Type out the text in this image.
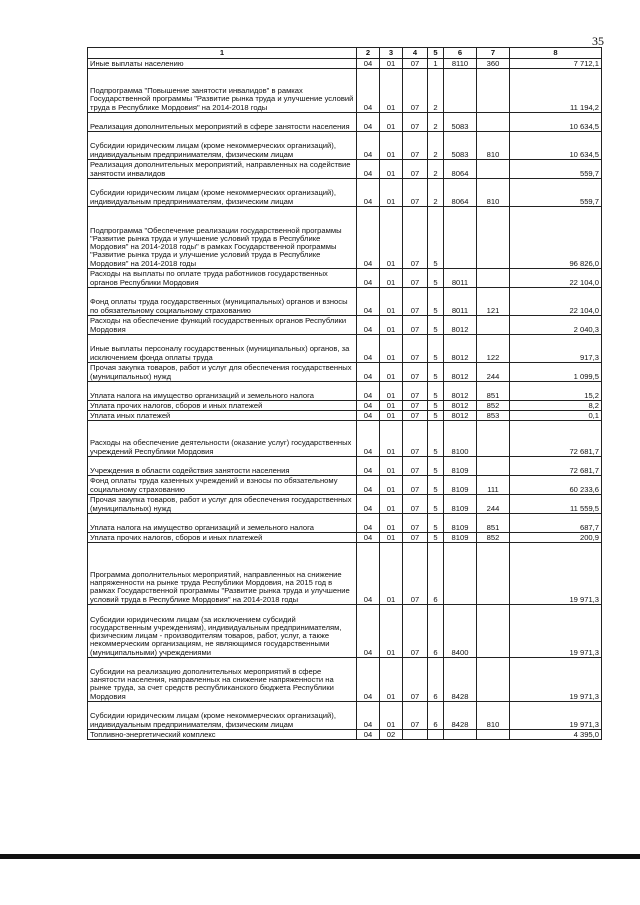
35
1	2	3	4	5	6	7	8
Иные выплаты населению	04	01	07	1	8110	360	7 712,1
Подпрограмма "Повышение занятости инвалидов" в рамках Государственной программы "Развитие рынка труда и улучшение условий труда в Республике Мордовия" на 2014-2018 годы	04	01	07	2			11 194,2
Реализация дополнительных мероприятий в сфере занятости населения	04	01	07	2	5083		10 634,5
Субсидии юридическим лицам (кроме некоммерческих организаций), индивидуальным предпринимателям, физическим лицам	04	01	07	2	5083	810	10 634,5
Реализация дополнительных мероприятий, направленных на содействие занятости инвалидов	04	01	07	2	8064		559,7
Субсидии юридическим лицам (кроме некоммерческих организаций), индивидуальным предпринимателям, физическим лицам	04	01	07	2	8064	810	559,7
Подпрограмма "Обеспечение реализации государственной программы "Развитие рынка труда и улучшение условий труда в Республике Мордовия" на 2014-2018 годы" в рамках Государственной программы "Развитие рынка труда и улучшение условий труда в Республике Мордовия" на 2014-2018 годы	04	01	07	5			96 826,0
Расходы на выплаты по оплате труда работников государственных органов Республики Мордовия	04	01	07	5	8011		22 104,0
Фонд оплаты труда государственных (муниципальных) органов и взносы по обязательному социальному страхованию	04	01	07	5	8011	121	22 104,0
Расходы на обеспечение функций государственных органов Республики Мордовия	04	01	07	5	8012		2 040,3
Иные выплаты персоналу государственных (муниципальных) органов, за исключением фонда оплаты труда	04	01	07	5	8012	122	917,3
Прочая закупка товаров, работ и услуг для обеспечения государственных (муниципальных) нужд	04	01	07	5	8012	244	1 099,5
Уплата налога на имущество организаций и земельного налога	04	01	07	5	8012	851	15,2
Уплата прочих налогов, сборов и иных платежей	04	01	07	5	8012	852	8,2
Уплата иных платежей	04	01	07	5	8012	853	0,1
Расходы на обеспечение деятельности (оказание услуг) государственных учреждений Республики Мордовия	04	01	07	5	8100		72 681,7
Учреждения в области содействия занятости населения	04	01	07	5	8109		72 681,7
Фонд оплаты труда казенных учреждений и взносы по обязательному социальному страхованию	04	01	07	5	8109	111	60 233,6
Прочая закупка товаров, работ и услуг для обеспечения государственных (муниципальных) нужд	04	01	07	5	8109	244	11 559,5
Уплата налога на имущество организаций и земельного налога	04	01	07	5	8109	851	687,7
Уплата прочих налогов, сборов и иных платежей	04	01	07	5	8109	852	200,9
Программа дополнительных мероприятий, направленных на снижение напряженности на рынке труда Республики Мордовия, на 2015 год в рамках Государственной программы "Развитие рынка труда и улучшение условий труда в Республике Мордовия" на 2014-2018 годы	04	01	07	6			19 971,3
Субсидии юридическим лицам (за исключением субсидий государственным учреждениям), индивидуальным предпринимателям, физическим лицам - производителям товаров, работ, услуг, а также некоммерческим организациям, не являющимся государственными (муниципальными) учреждениями	04	01	07	6	8400		19 971,3
Субсидии на реализацию дополнительных мероприятий в сфере занятости населения, направленных на снижение напряженности на рынке труда, за счет средств республиканского бюджета Республики Мордовия	04	01	07	6	8428		19 971,3
Субсидии юридическим лицам (кроме некоммерческих организаций), индивидуальным предпринимателям, физическим лицам	04	01	07	6	8428	810	19 971,3
Топливно-энергетический комплекс	04	02					4 395,0
